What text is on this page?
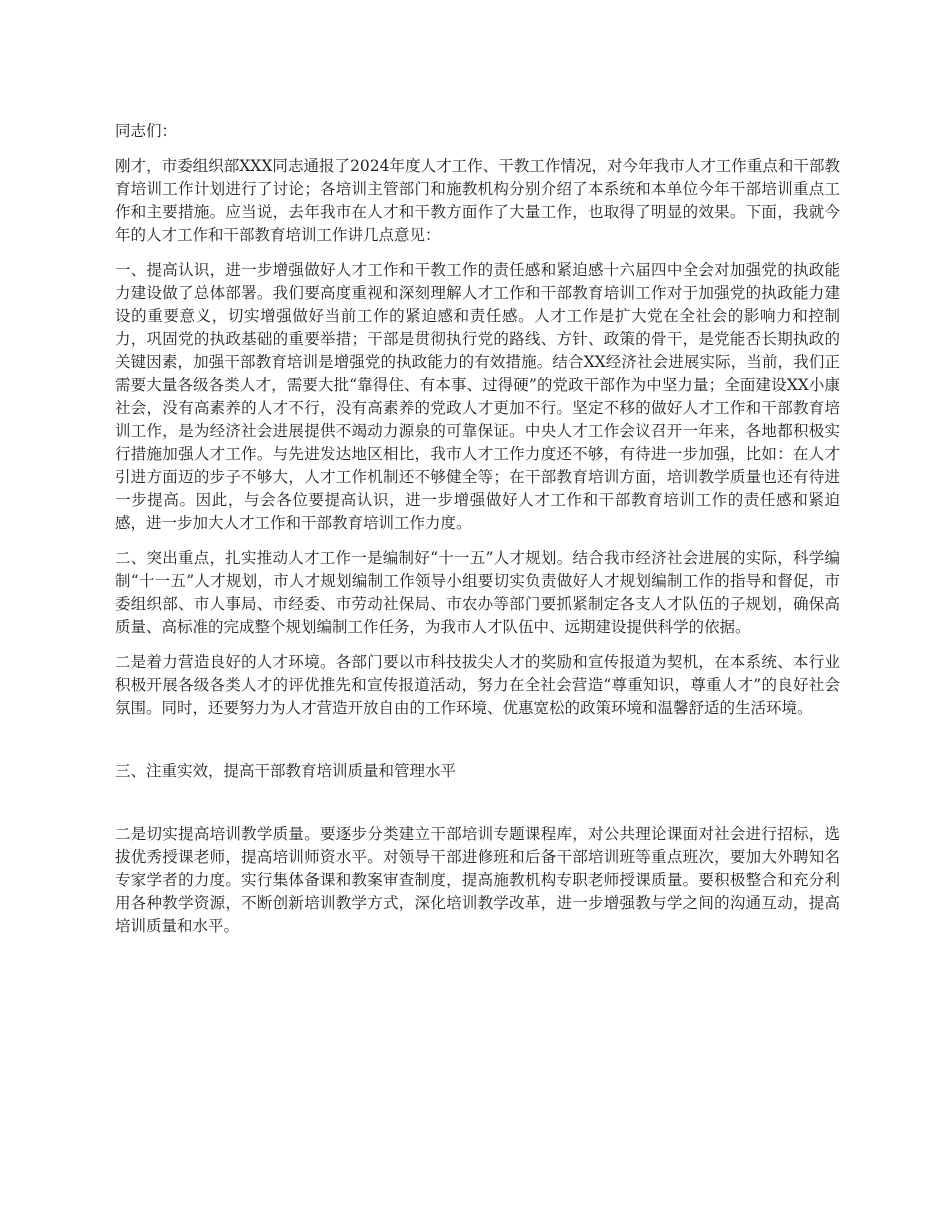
同志们：

刚才，市委组织部XXX同志通报了2024年度人才工作、干教工作情况，对今年我市人才工作重点和干部教育培训工作计划进行了讨论；各培训主管部门和施教机构分别介绍了本系统和本单位今年干部培训重点工作和主要措施。应当说，去年我市在人才和干教方面作了大量工作，也取得了明显的效果。下面，我就今年的人才工作和干部教育培训工作讲几点意见：

一、提高认识，进一步增强做好人才工作和干教工作的责任感和紧迫感十六届四中全会对加强党的执政能力建设做了总体部署。我们要高度重视和深刻理解人才工作和干部教育培训工作对于加强党的执政能力建设的重要意义，切实增强做好当前工作的紧迫感和责任感。人才工作是扩大党在全社会的影响力和控制力，巩固党的执政基础的重要举措；干部是贯彻执行党的路线、方针、政策的骨干，是党能否长期执政的关键因素，加强干部教育培训是增强党的执政能力的有效措施。结合XX经济社会进展实际，当前，我们正需要大量各级各类人才，需要大批“靠得住、有本事、过得硬”的党政干部作为中坚力量；全面建设XX小康社会，没有高素养的人才不行，没有高素养的党政人才更加不行。坚定不移的做好人才工作和干部教育培训工作，是为经济社会进展提供不竭动力源泉的可靠保证。中央人才工作会议召开一年来，各地都积极实行措施加强人才工作。与先进发达地区相比，我市人才工作力度还不够，有待进一步加强，比如：在人才引进方面迈的步子不够大，人才工作机制还不够健全等；在干部教育培训方面，培训教学质量也还有待进一步提高。因此，与会各位要提高认识，进一步增强做好人才工作和干部教育培训工作的责任感和紧迫感，进一步加大人才工作和干部教育培训工作力度。

二、突出重点，扎实推动人才工作一是编制好“十一五”人才规划。结合我市经济社会进展的实际，科学编制“十一五”人才规划，市人才规划编制工作领导小组要切实负责做好人才规划编制工作的指导和督促，市委组织部、市人事局、市经委、市劳动社保局、市农办等部门要抓紧制定各支人才队伍的子规划，确保高质量、高标准的完成整个规划编制工作任务，为我市人才队伍中、远期建设提供科学的依据。

二是着力营造良好的人才环境。各部门要以市科技拔尖人才的奖励和宣传报道为契机，在本系统、本行业积极开展各级各类人才的评优推先和宣传报道活动，努力在全社会营造“尊重知识，尊重人才”的良好社会氛围。同时，还要努力为人才营造开放自由的工作环境、优惠宽松的政策环境和温馨舒适的生活环境。

三、注重实效，提高干部教育培训质量和管理水平

二是切实提高培训教学质量。要逐步分类建立干部培训专题课程库，对公共理论课面对社会进行招标，选拔优秀授课老师，提高培训师资水平。对领导干部进修班和后备干部培训班等重点班次，要加大外聘知名专家学者的力度。实行集体备课和教案审查制度，提高施教机构专职老师授课质量。要积极整合和充分利用各种教学资源，不断创新培训教学方式，深化培训教学改革，进一步增强教与学之间的沟通互动，提高培训质量和水平。
